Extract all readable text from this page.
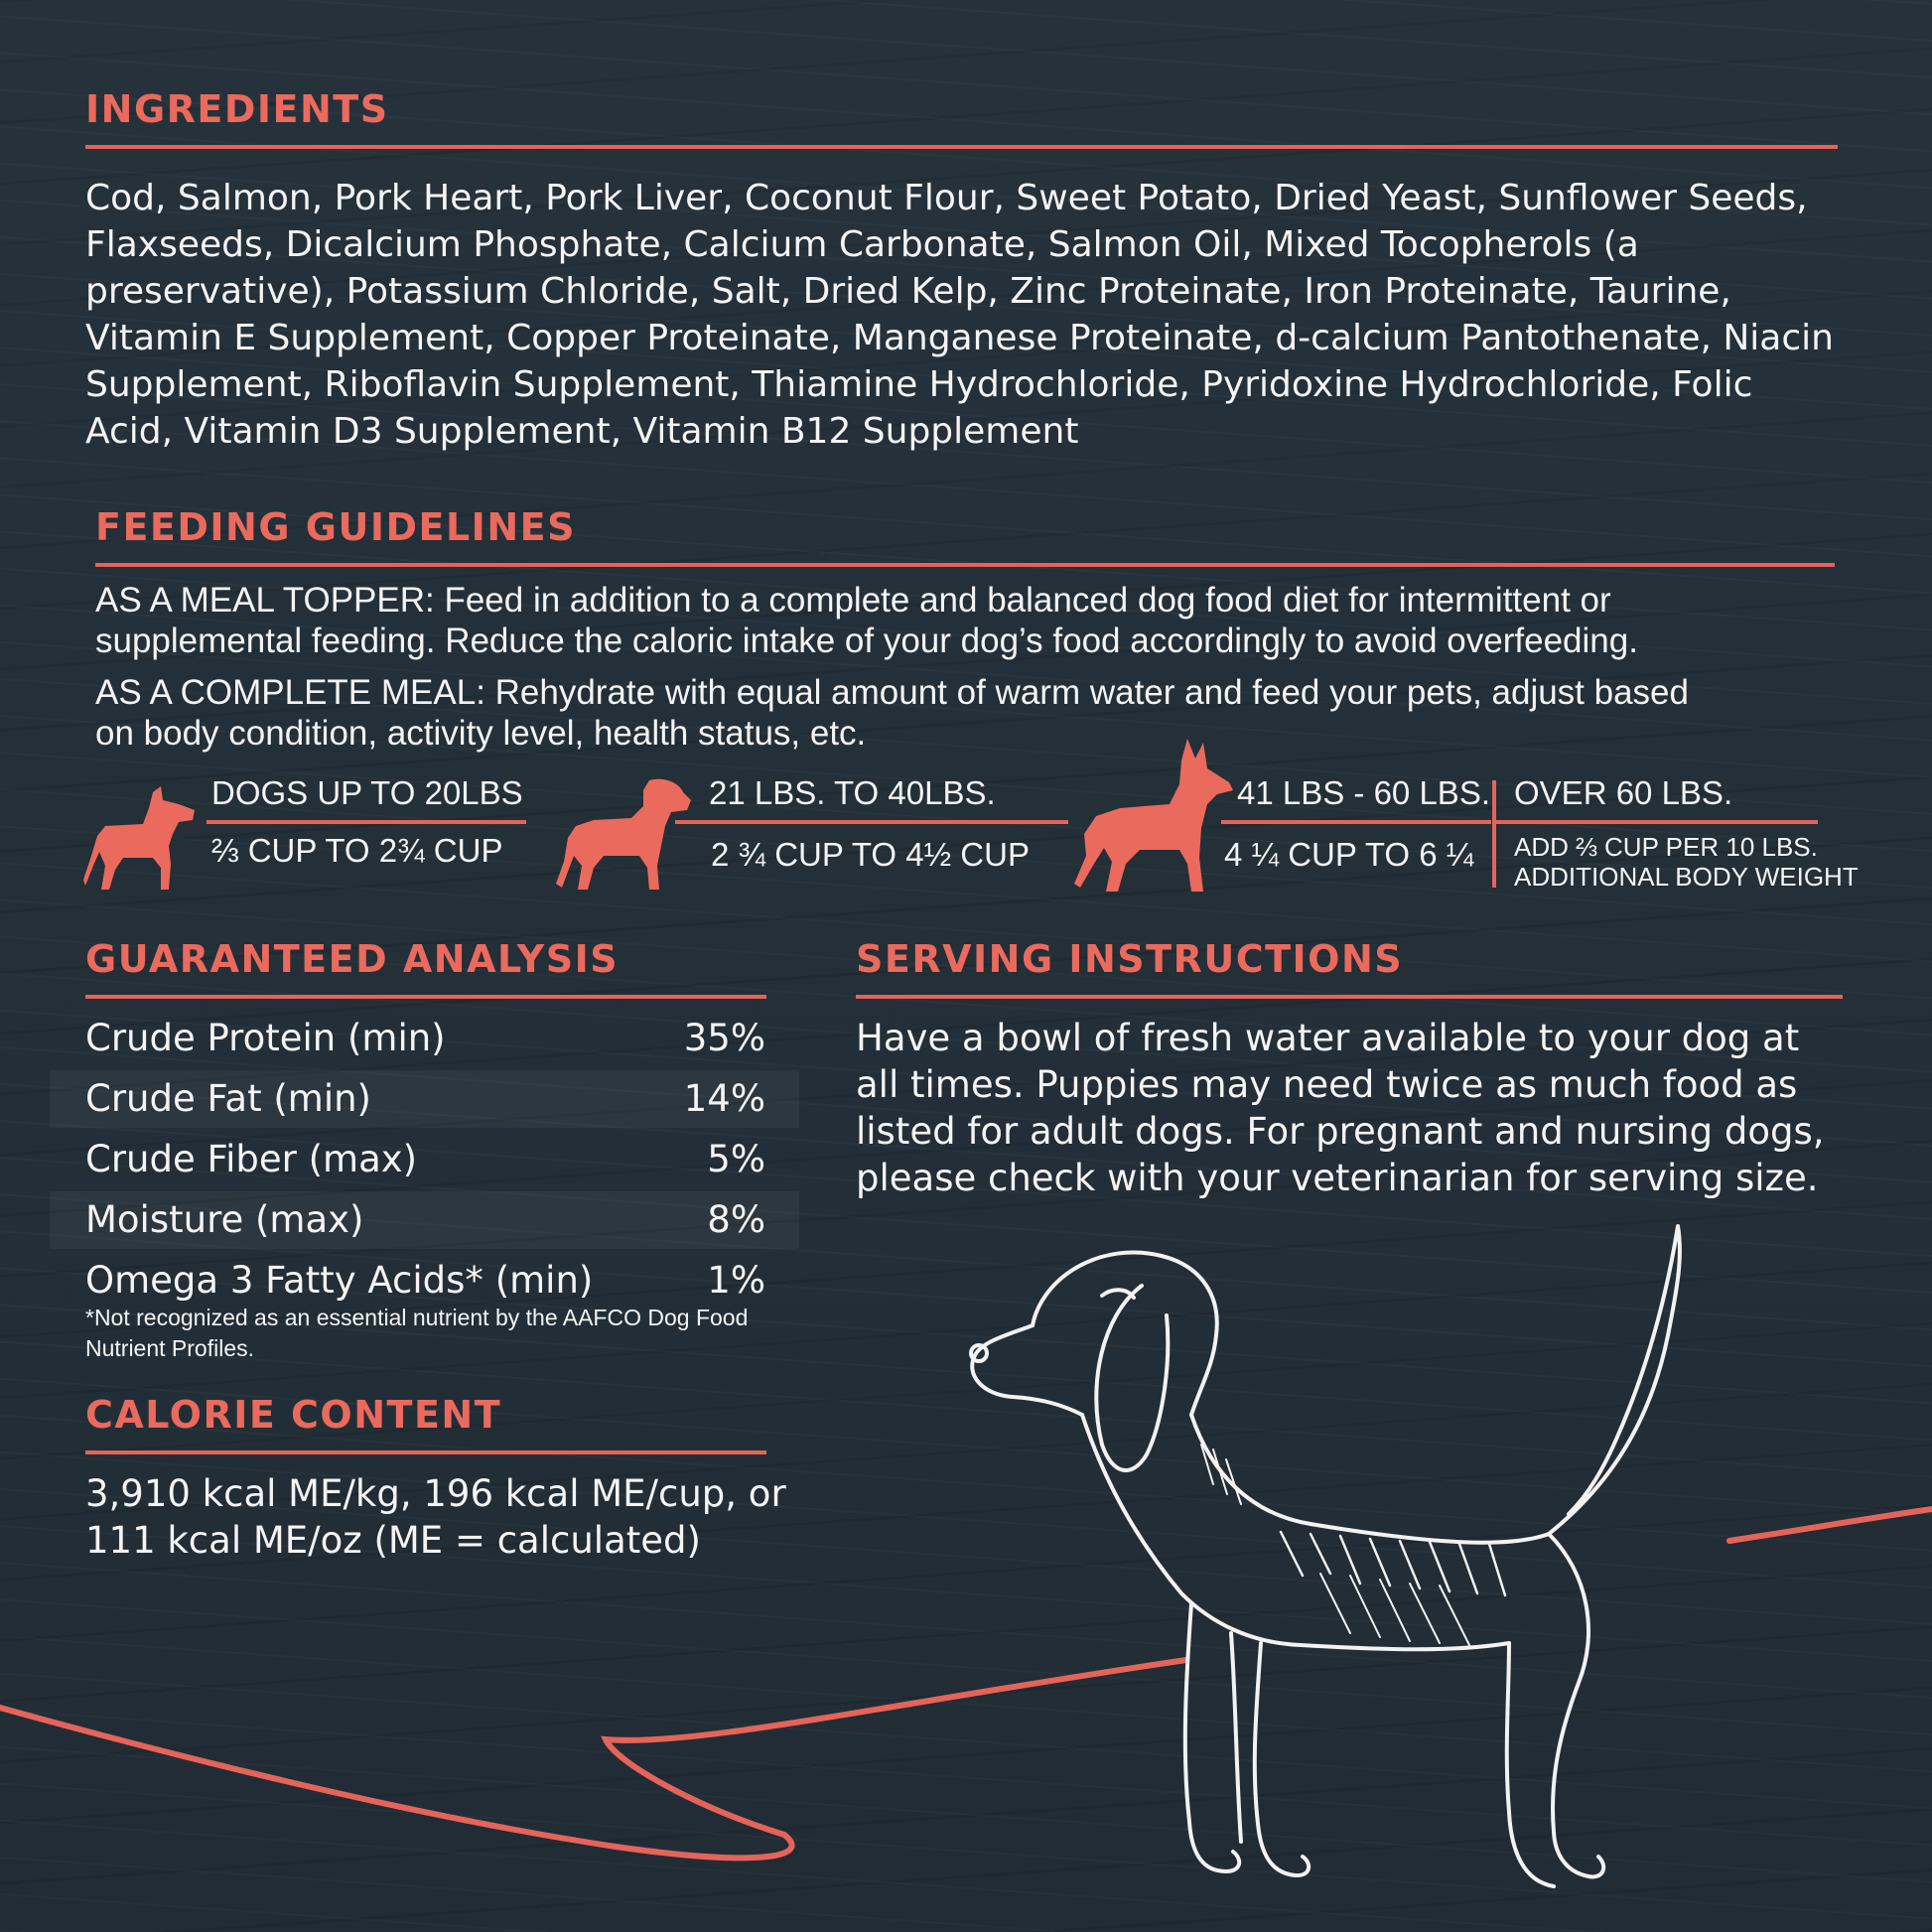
INGREDIENTS

Cod, Salmon, Pork Heart, Pork Liver, Coconut Flour, Sweet Potato, Dried Yeast, Sunflower Seeds,

Flaxseeds, Dicalcium Phosphate, Calcium Carbonate, Salmon Oil, Mixed Tocopherols (a

preservative), Potassium Chloride, Salt, Dried Kelp, Zinc Proteinate, Iron Proteinate, Taurine,

Vitamin E Supplement, Copper Proteinate, Manganese Proteinate, d-calcium Pantothenate, Niacin

Supplement, Riboflavin Supplement, Thiamine Hydrochloride, Pyridoxine Hydrochloride, Folic

Acid, Vitamin D3 Supplement, Vitamin B12 Supplement

FEEDING GUIDELINES

AS A MEAL TOPPER: Feed in addition to a complete and balanced dog food diet for intermittent or

supplemental feeding. Reduce the caloric intake of your dog’s food accordingly to avoid overfeeding.

AS A COMPLETE MEAL: Rehydrate with equal amount of warm water and feed your pets, adjust based

on body condition, activity level, health status, etc.

DOGS UP TO 20LBS
⅔ CUP TO 2¾ CUP
21 LBS. TO 40LBS.
2 ¾ CUP TO 4½ CUP
41 LBS - 60 LBS.
4 ¼ CUP TO 6 ¼
OVER 60 LBS.
ADD ⅔ CUP PER 10 LBS.
ADDITIONAL BODY WEIGHT
GUARANTEED ANALYSIS
Crude Protein (min)	35%
Crude Fat (min)	14%
Crude Fiber (max)	5%
Moisture (max)	8%
Omega 3 Fatty Acids* (min)	1%

*Not recognized as an essential nutrient by the AAFCO Dog Food

Nutrient Profiles.

CALORIE CONTENT

3,910 kcal ME/kg, 196 kcal ME/cup, or

111 kcal ME/oz (ME = calculated)

SERVING INSTRUCTIONS

Have a bowl of fresh water available to your dog at

all times. Puppies may need twice as much food as

listed for adult dogs. For pregnant and nursing dogs,

please check with your veterinarian for serving size.
